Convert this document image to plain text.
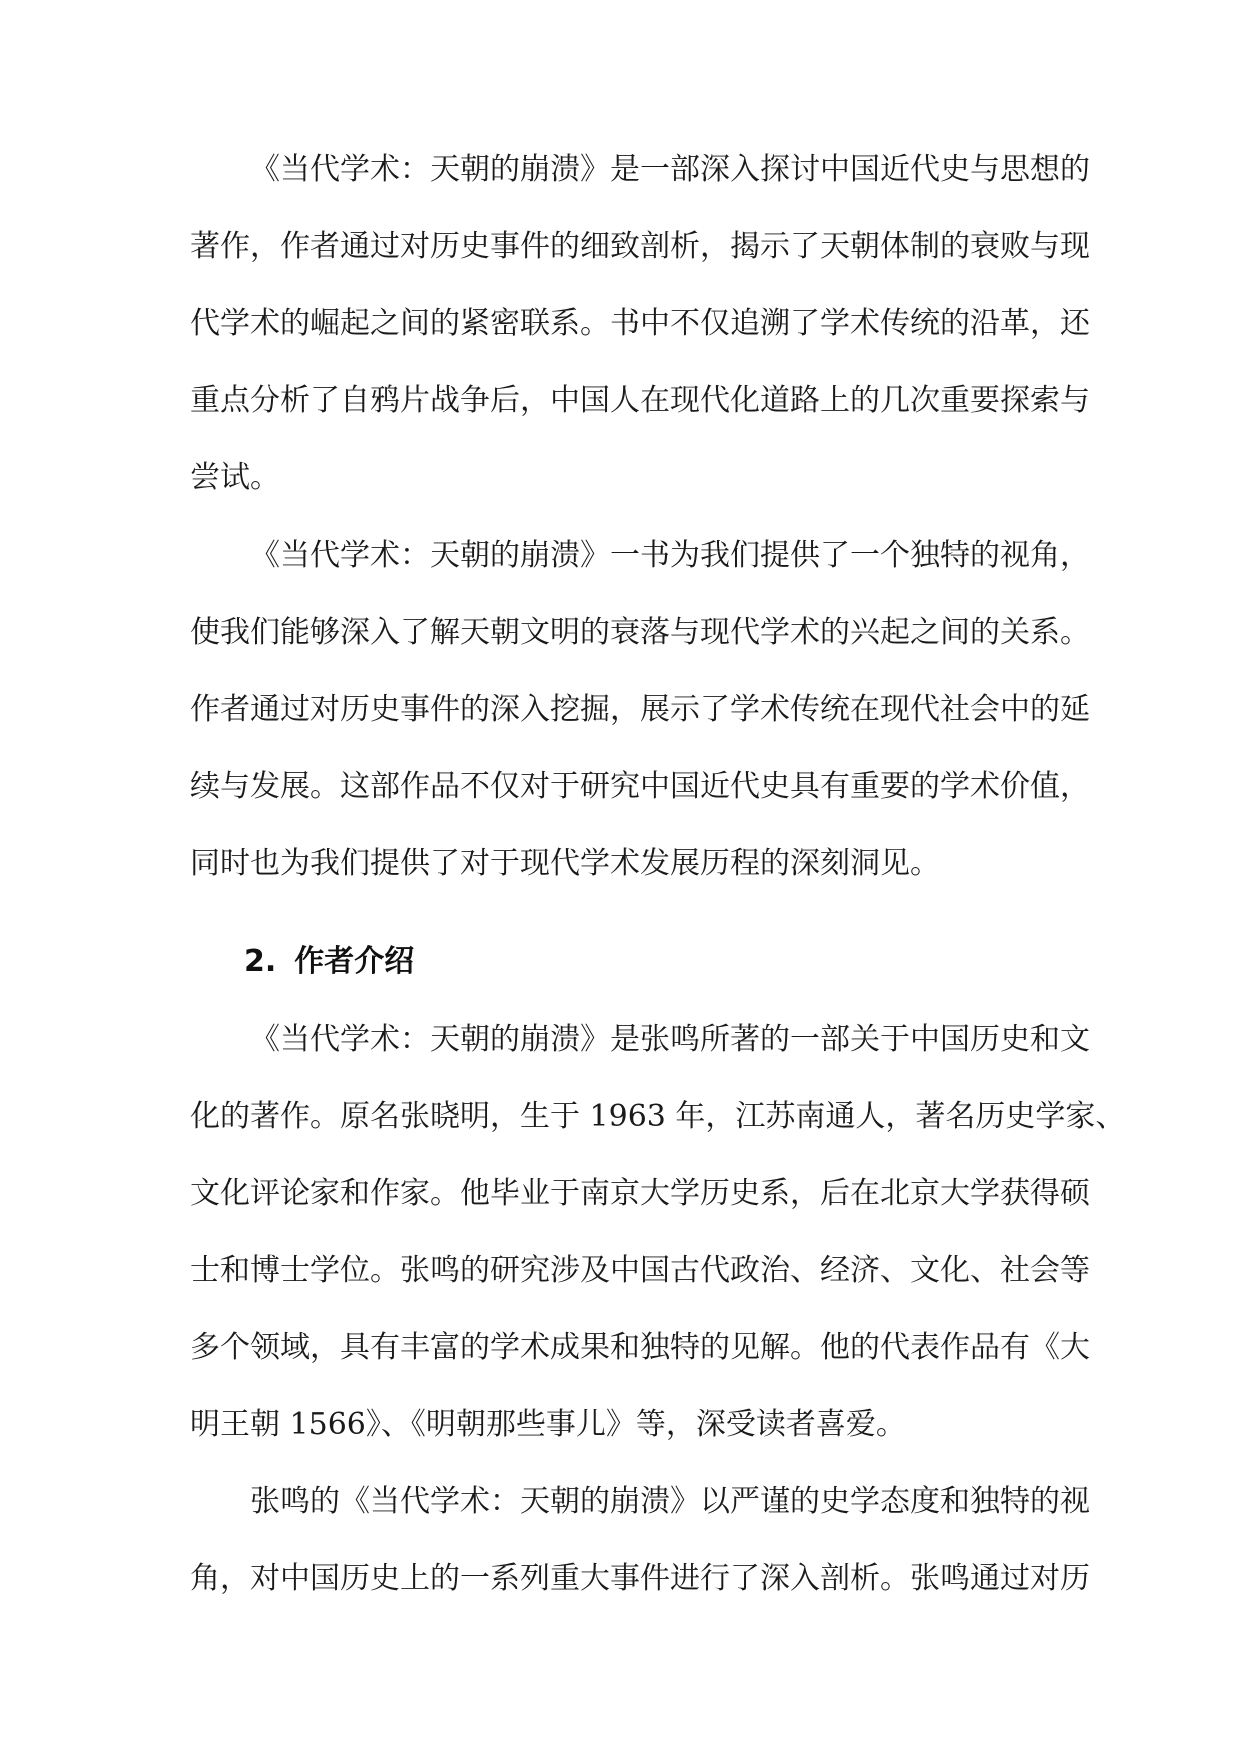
《当代学术：天朝的崩溃》是一部深入探讨中国近代史与思想的
著作，作者通过对历史事件的细致剖析，揭示了天朝体制的衰败与现
代学术的崛起之间的紧密联系。书中不仅追溯了学术传统的沿革，还
重点分析了自鸦片战争后，中国人在现代化道路上的几次重要探索与
尝试。
《当代学术：天朝的崩溃》一书为我们提供了一个独特的视角，
使我们能够深入了解天朝文明的衰落与现代学术的兴起之间的关系。
作者通过对历史事件的深入挖掘，展示了学术传统在现代社会中的延
续与发展。这部作品不仅对于研究中国近代史具有重要的学术价值，
同时也为我们提供了对于现代学术发展历程的深刻洞见。
2. 作者介绍
《当代学术：天朝的崩溃》是张鸣所著的一部关于中国历史和文
化的著作。原名张晓明，生于 1963 年，江苏南通人，著名历史学家、
文化评论家和作家。他毕业于南京大学历史系，后在北京大学获得硕
士和博士学位。张鸣的研究涉及中国古代政治、经济、文化、社会等
多个领域，具有丰富的学术成果和独特的见解。他的代表作品有《大
明王朝 1566》、《明朝那些事儿》等，深受读者喜爱。
张鸣的《当代学术：天朝的崩溃》以严谨的史学态度和独特的视
角，对中国历史上的一系列重大事件进行了深入剖析。张鸣通过对历
